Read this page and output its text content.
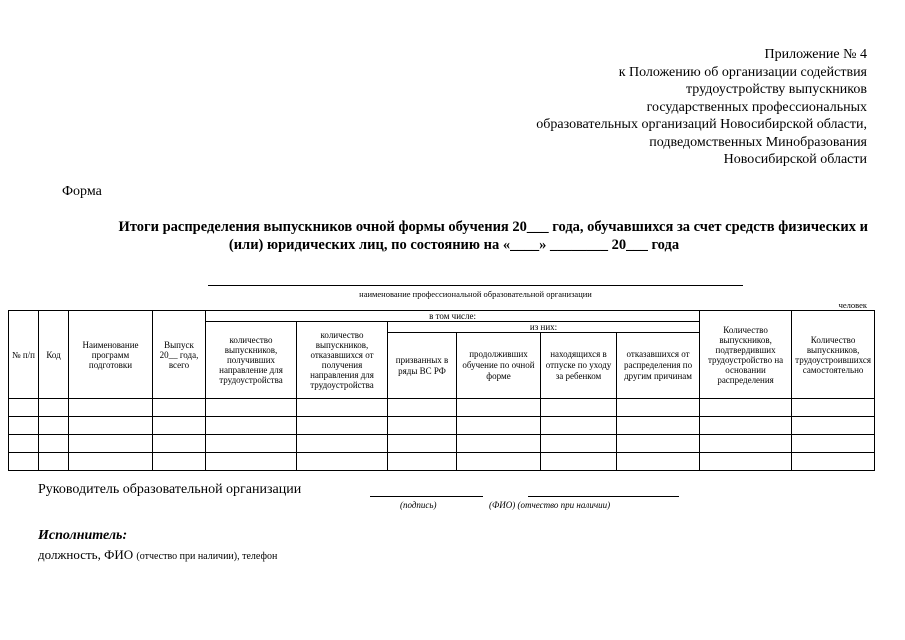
Приложение № 4
к Положению об организации содействия
трудоустройству выпускников
государственных профессиональных
образовательных организаций Новосибирской области,
подведомственных Минобразования
Новосибирской области
Форма
Итоги распределения выпускников очной формы обучения 20___ года, обучавшихся за счет средств физических и
(или) юридических лиц, по состоянию на «____» ________ 20___ года
наименование профессиональной образовательной организации
человек
№ п/п	Код	Наименование программ подготовки	Выпуск 20__ года, всего	в том числе:						Количество выпускников, подтвердивших трудоустройство на основании распределения	Количество выпускников, трудоустроившихся самостоятельно
				количество выпускников, получивших направление для трудоустройства	количество выпускников, отказавшихся от получения направления для трудоустройства	из них:					
						призванных в ряды ВС РФ	продолживших обучение по очной форме	находящихся в отпуске по уходу за ребенком	отказавшихся от распределения по другим причинам		

Руководитель образовательной организации
(подпись)	(ФИО) (отчество при наличии)
Исполнитель:
должность, ФИО (отчество при наличии), телефон
